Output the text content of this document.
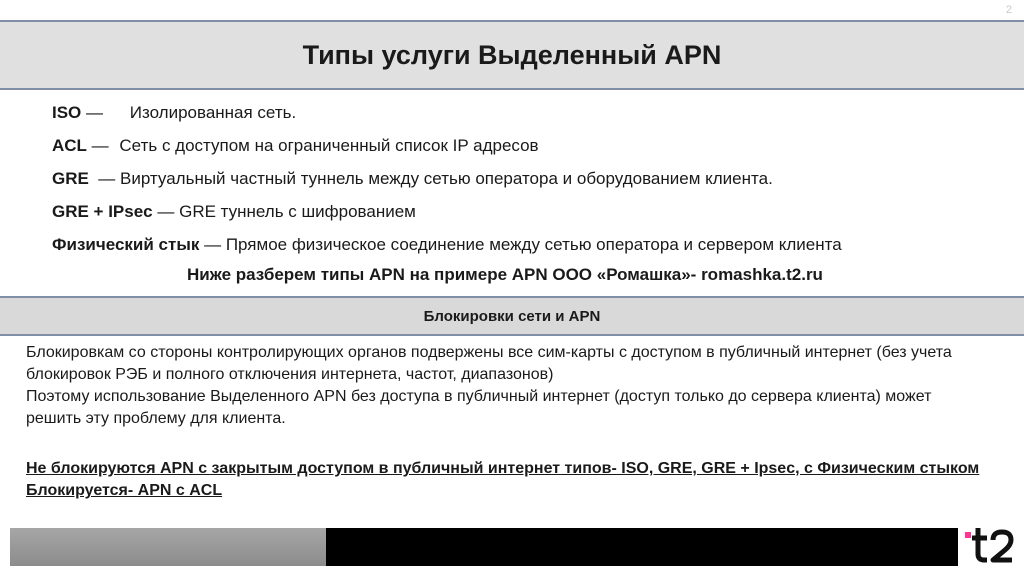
2
Типы услуги Выделенный APN
ISO — Изолированная сеть.
ACL — Сеть с доступом на ограниченный список IP адресов
GRE  — Виртуальный частный туннель между сетью оператора и оборудованием клиента.
GRE + IPsec — GRE туннель с шифрованием
Физический стык — Прямое физическое соединение между сетью оператора и сервером клиента
Ниже разберем типы APN на примере APN ООО «Ромашка»- romashka.t2.ru
Блокировки сети и APN

Блокировкам со стороны контролирующих органов подвержены все сим-карты с доступом в публичный интернет (без учета блокировок РЭБ и полного отключения интернета, частот, диапазонов)

Поэтому использование Выделенного APN без доступа в публичный интернет (доступ только до сервера клиента) может решить эту проблему для клиента.

Не блокируются APN с закрытым доступом в публичный интернет типов- ISO, GRE, GRE + Ipsec, с Физическим стыком

Блокируется- APN с ACL
